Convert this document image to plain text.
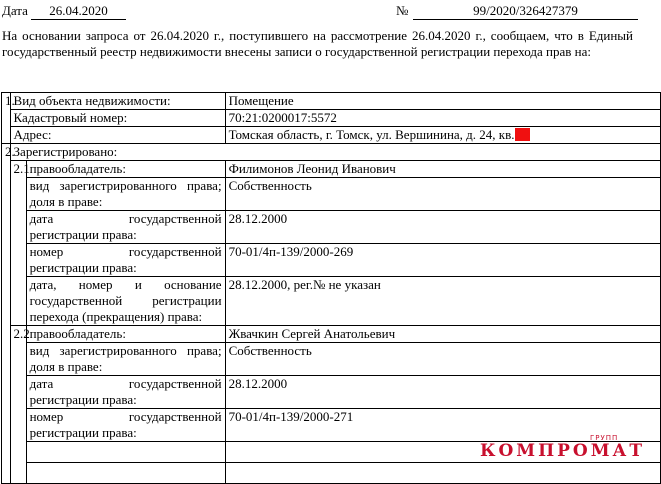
Дата	26.04.2020	№	99/2020/326427379
На основании запроса от 26.04.2020 г., поступившего на рассмотрение 26.04.2020 г., сообщаем, что в Единый государственный реестр недвижимости внесены записи о государственной регистрации перехода прав на:
1.	Вид объекта недвижимости:		Помещение
	Кадастровый номер:		70:21:0200017:5572
	Адрес:		Томская область, г. Томск, ул. Вершинина, д. 24, кв.
2.	Зарегистрировано:		
	2.1	правообладатель:	Филимонов Леонид Иванович
		вид зарегистрированного права; доля в праве:	Собственность
		дата государственной регистрации права:	28.12.2000
		номер государственной регистрации права:	70-01/4п-139/2000-269
		дата, номер и основание государственной регистрации перехода (прекращения) права:	28.12.2000, рег.№ не указан
	2.2	правообладатель:	Жвачкин Сергей Анатольевич
		вид зарегистрированного права; доля в праве:	Собственность
		дата государственной регистрации права:	28.12.2000
		номер государственной регистрации права:	70-01/4п-139/2000-271

ГРУПП
КОМПРОМАТ
